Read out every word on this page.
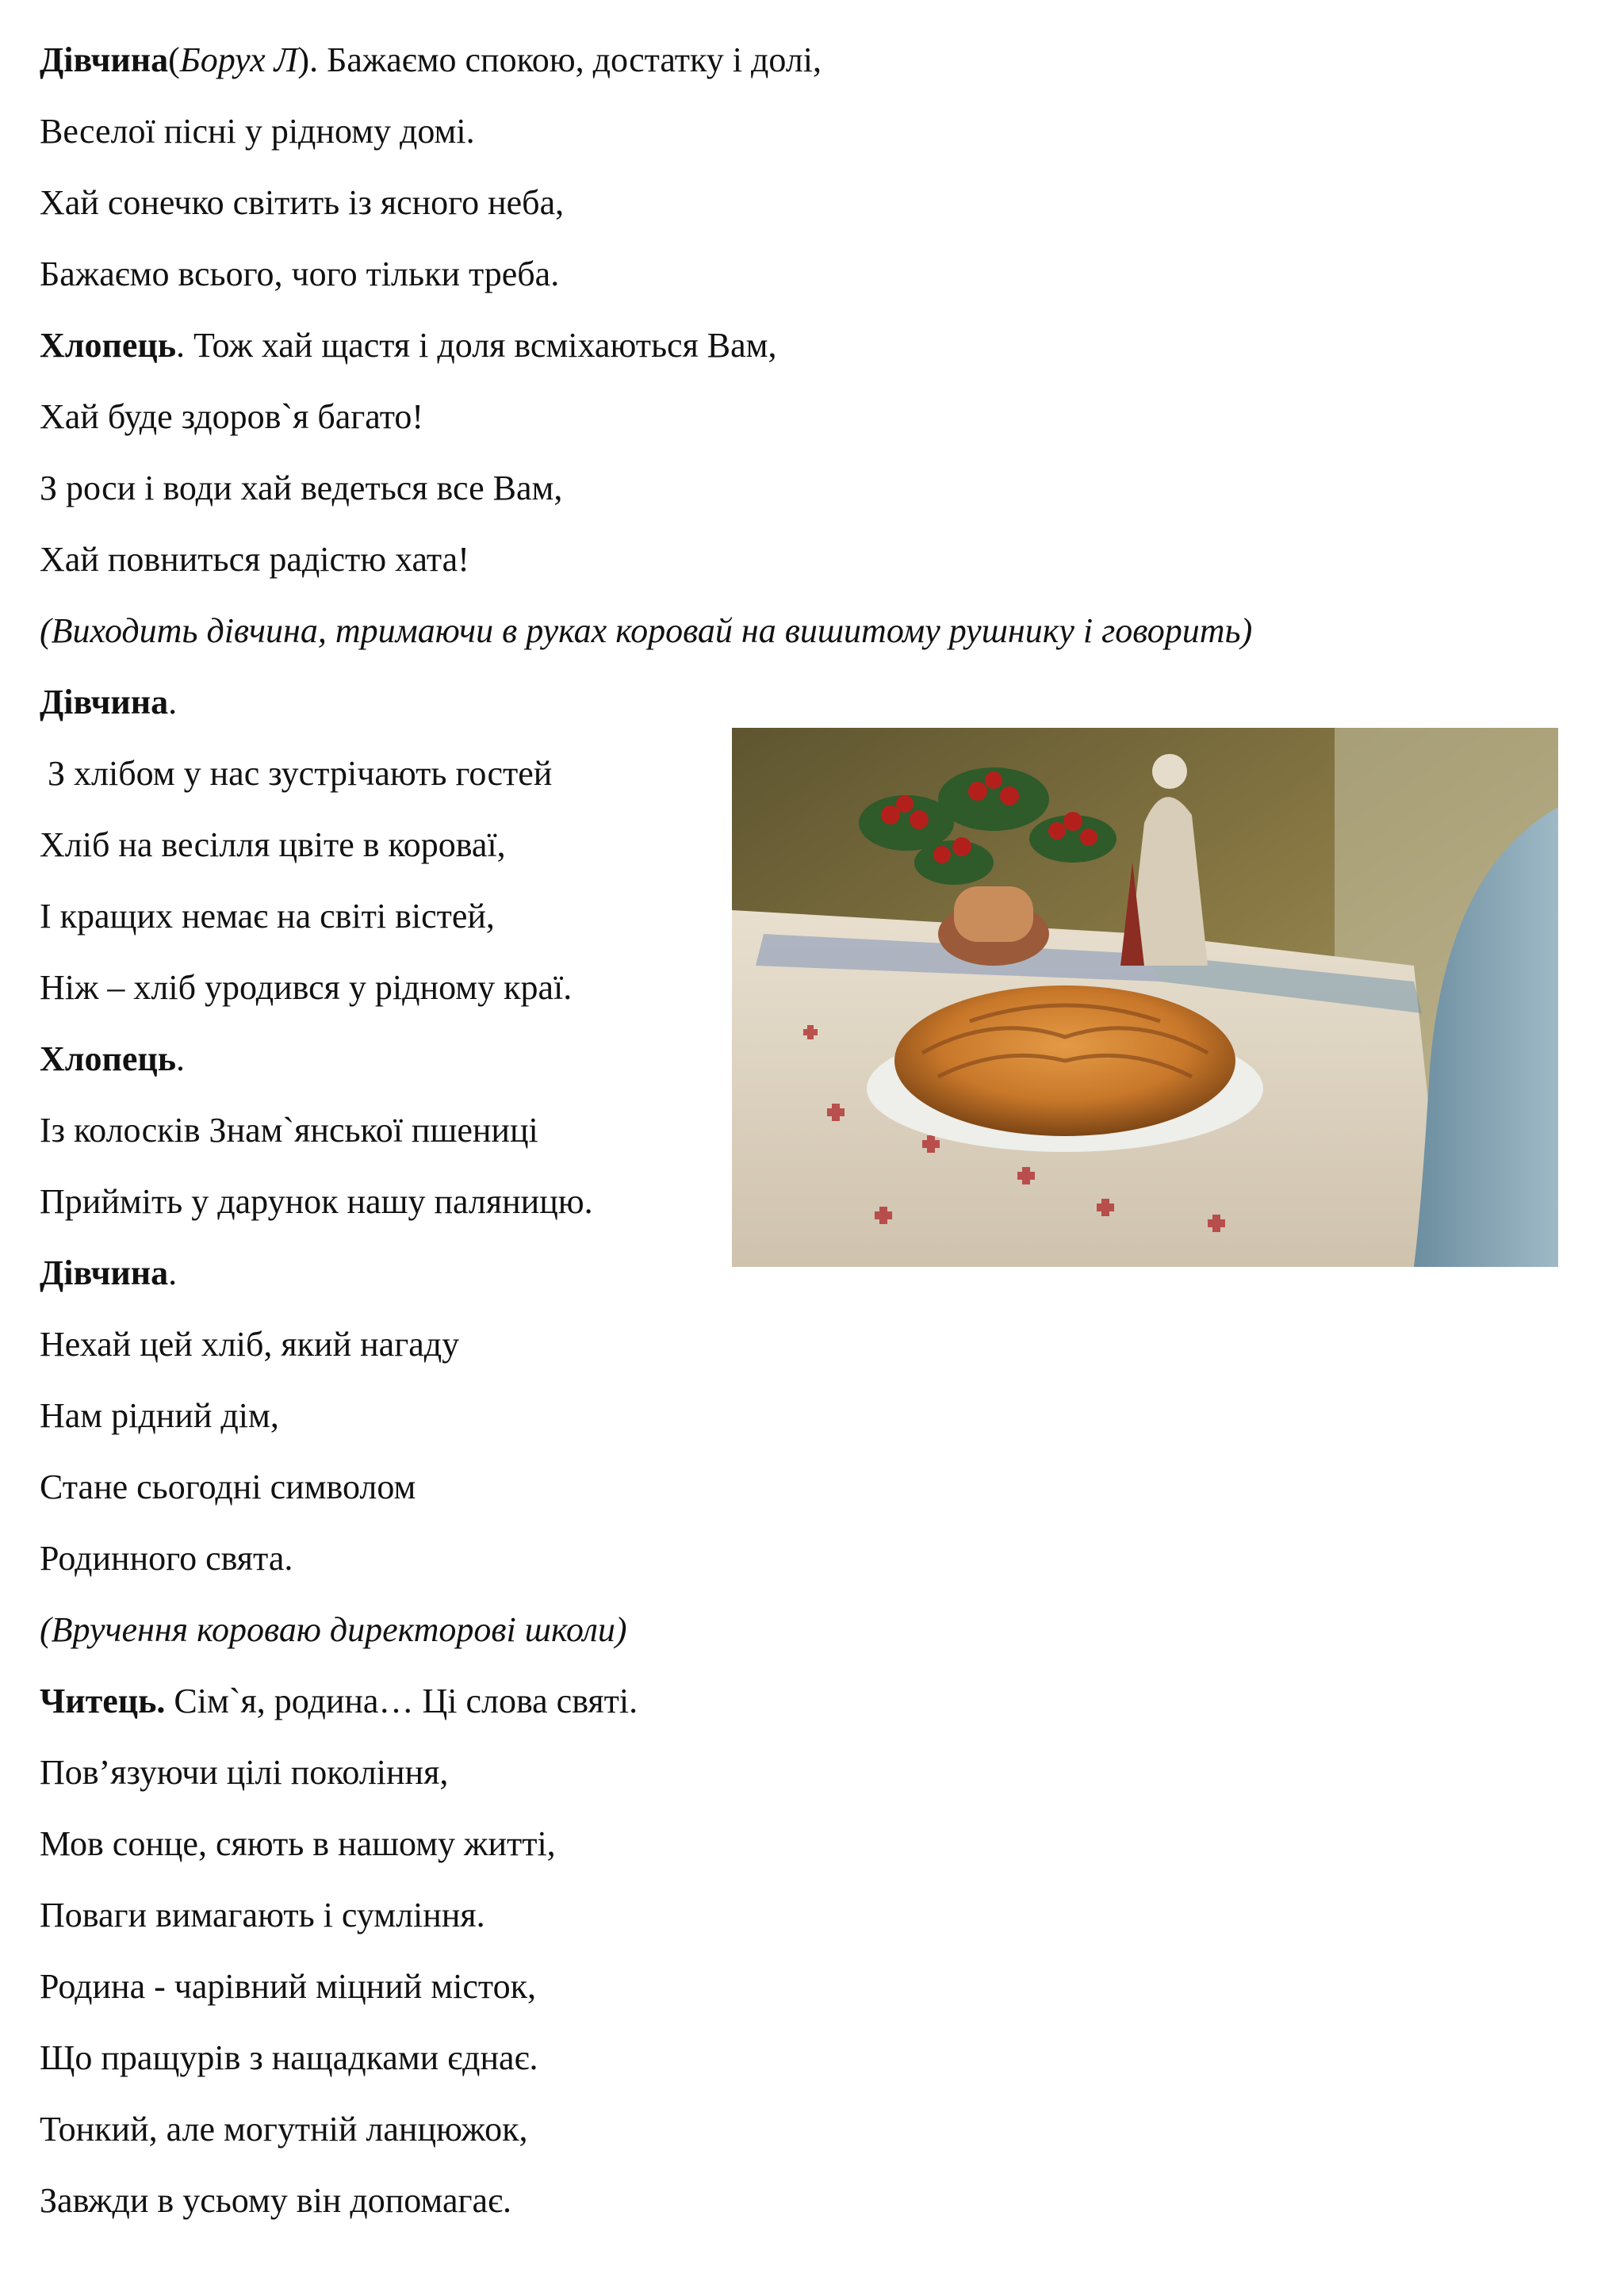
Дівчина(Борух Л). Бажаємо спокою, достатку і долі,
Веселої пісні у рідному домі.
Хай сонечко світить із ясного неба,
Бажаємо всього, чого тільки треба.
Хлопець. Тож хай щастя і доля всміхаються Вам,
Хай буде здоров`я багато!
З роси і води хай ведеться все Вам,
Хай повниться радістю хата!
(Виходить дівчина, тримаючи в руках коровай на вишитому рушнику і говорить)
Дівчина.
З хлібом у нас зустрічають гостей
Хліб на весілля цвіте в короваї,
І кращих немає на світі вістей,
Ніж – хліб уродився у рідному краї.
Хлопець.
Із колосків Знам`янської пшениці
Прийміть у дарунок нашу паляницю.
Дівчина.
Нехай цей хліб, який нагаду
Нам рідний дім,
Стане сьогодні символом
Родинного свята.
(Вручення короваю директорові школи)
Читець. Сім`я, родина… Ці слова святі.
Пов’язуючи цілі покоління,
Мов сонце, сяють в нашому житті,
Поваги вимагають і сумління.
Родина - чарівний міцний місток,
Що пращурів з нащадками єднає.
Тонкий, але могутній ланцюжок,
Завжди в усьому він допомагає.
